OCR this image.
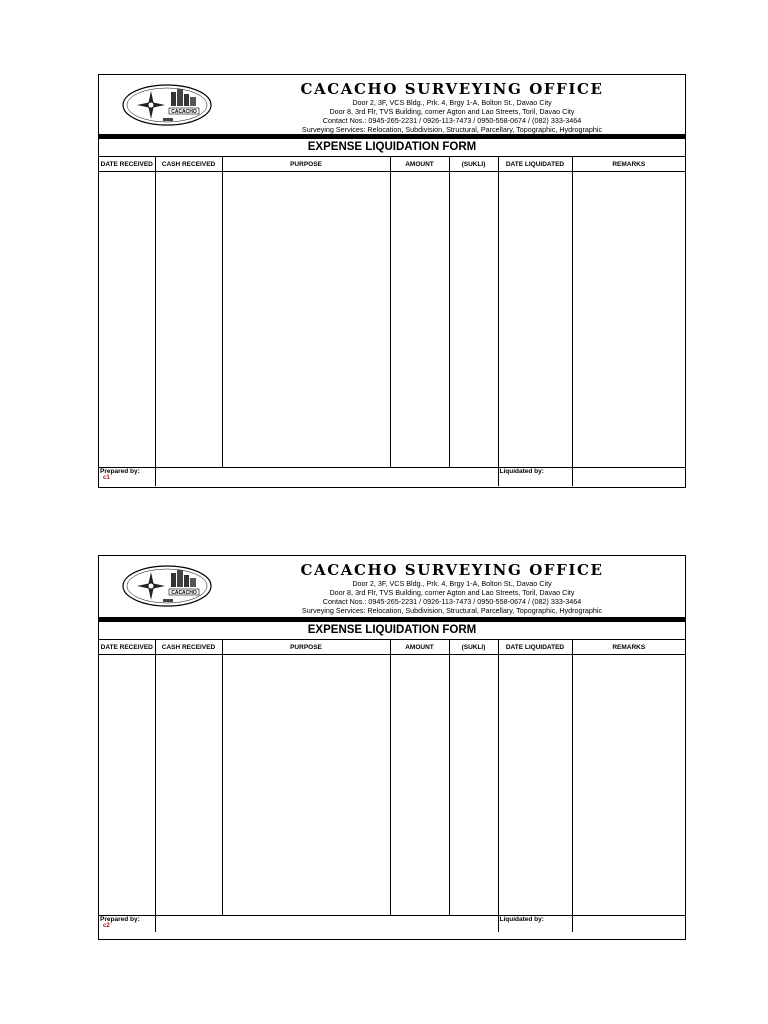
CACACHO
CACACHO SURVEYING OFFICE
Door 2, 3F, VCS Bldg., Prk. 4, Brgy 1-A, Bolton St., Davao City
Door 8, 3rd Flr, TVS Building, corner Agton and Lao Streets, Toril, Davao City
Contact Nos.: 0945-265-2231 / 0926-113-7473 / 0950-558-0674 / (082) 333-3464
Surveying Services: Relocation, Subdivision, Structural, Parcellary, Topographic, Hydrographic
EXPENSE LIQUIDATION FORM
DATE RECEIVED	CASH RECEIVED	PURPOSE	AMOUNT	(SUKLI)	DATE LIQUIDATED	REMARKS

Prepared by:
c1					Liquidated by:	
CACACHO
CACACHO SURVEYING OFFICE
Door 2, 3F, VCS Bldg., Prk. 4, Brgy 1-A, Bolton St., Davao City
Door 8, 3rd Flr, TVS Building, corner Agton and Lao Streets, Toril, Davao City
Contact Nos.: 0945-265-2231 / 0926-113-7473 / 0950-558-0674 / (082) 333-3464
Surveying Services: Relocation, Subdivision, Structural, Parcellary, Topographic, Hydrographic
EXPENSE LIQUIDATION FORM
DATE RECEIVED	CASH RECEIVED	PURPOSE	AMOUNT	(SUKLI)	DATE LIQUIDATED	REMARKS

Prepared by:
c2					Liquidated by:	
